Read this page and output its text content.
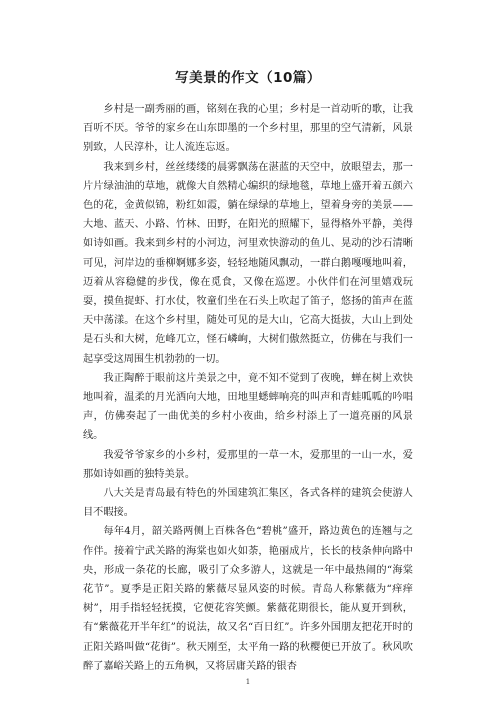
写美景的作文（10篇）

乡村是一副秀丽的画，铭刻在我的心里；乡村是一首动听的歌，让我百听不厌。爷爷的家乡在山东即墨的一个乡村里，那里的空气清新，风景别致，人民淳朴，让人流连忘返。

我来到乡村，丝丝缕缕的晨雾飘荡在湛蓝的天空中，放眼望去，那一片片绿油油的草地，就像大自然精心编织的绿地毯，草地上盛开着五颜六色的花，金黄似锦，粉红如霞，躺在绿绿的草地上，望着身旁的美景——大地、蓝天、小路、竹林、田野，在阳光的照耀下，显得格外平静，美得如诗如画。我来到乡村的小河边，河里欢快游动的鱼儿、晃动的沙石清晰可见，河岸边的垂柳婀娜多姿，轻轻地随风飘动，一群白鹅嘎嘎地叫着，迈着从容稳健的步伐，像在觅食，又像在巡逻。小伙伴们在河里嬉戏玩耍，摸鱼捉虾、打水仗，牧童们坐在石头上吹起了笛子，悠扬的笛声在蓝天中荡漾。在这个乡村里，随处可见的是大山，它高大挺拔，大山上到处是石头和大树，危峰兀立，怪石嶙峋，大树们傲然挺立，仿佛在与我们一起享受这周围生机勃勃的一切。

我正陶醉于眼前这片美景之中，竟不知不觉到了夜晚，蝉在树上欢快地叫着，温柔的月光洒向大地，田地里蟋蟀响亮的叫声和青蛙呱呱的吟唱声，仿佛奏起了一曲优美的乡村小夜曲，给乡村添上了一道亮丽的风景线。

我爱爷爷家乡的小乡村，爱那里的一草一木，爱那里的一山一水，爱那如诗如画的独特美景。

八大关是青岛最有特色的外国建筑汇集区，各式各样的建筑会使游人目不暇接。

每年4月，韶关路两侧上百株各色“碧桃”盛开，路边黄色的连翘与之作伴。接着宁武关路的海棠也如火如荼，艳丽成片，长长的枝条伸向路中央，形成一条花的长廊，吸引了众多游人，这就是一年中最热闹的“海棠花节”。夏季是正阳关路的紫薇尽显风姿的时候。青岛人称紫薇为“痒痒树”，用手指轻轻抚摸，它便花容笑颤。紫薇花期很长，能从夏开到秋，有“紫薇花开半年红”的说法，故又名“百日红”。许多外国朋友把花开时的正阳关路叫做“花街”。秋天刚至，太平角一路的秋樱便已开放了。秋风吹醉了嘉峪关路上的五角枫，又将居庸关路的银杏

1
